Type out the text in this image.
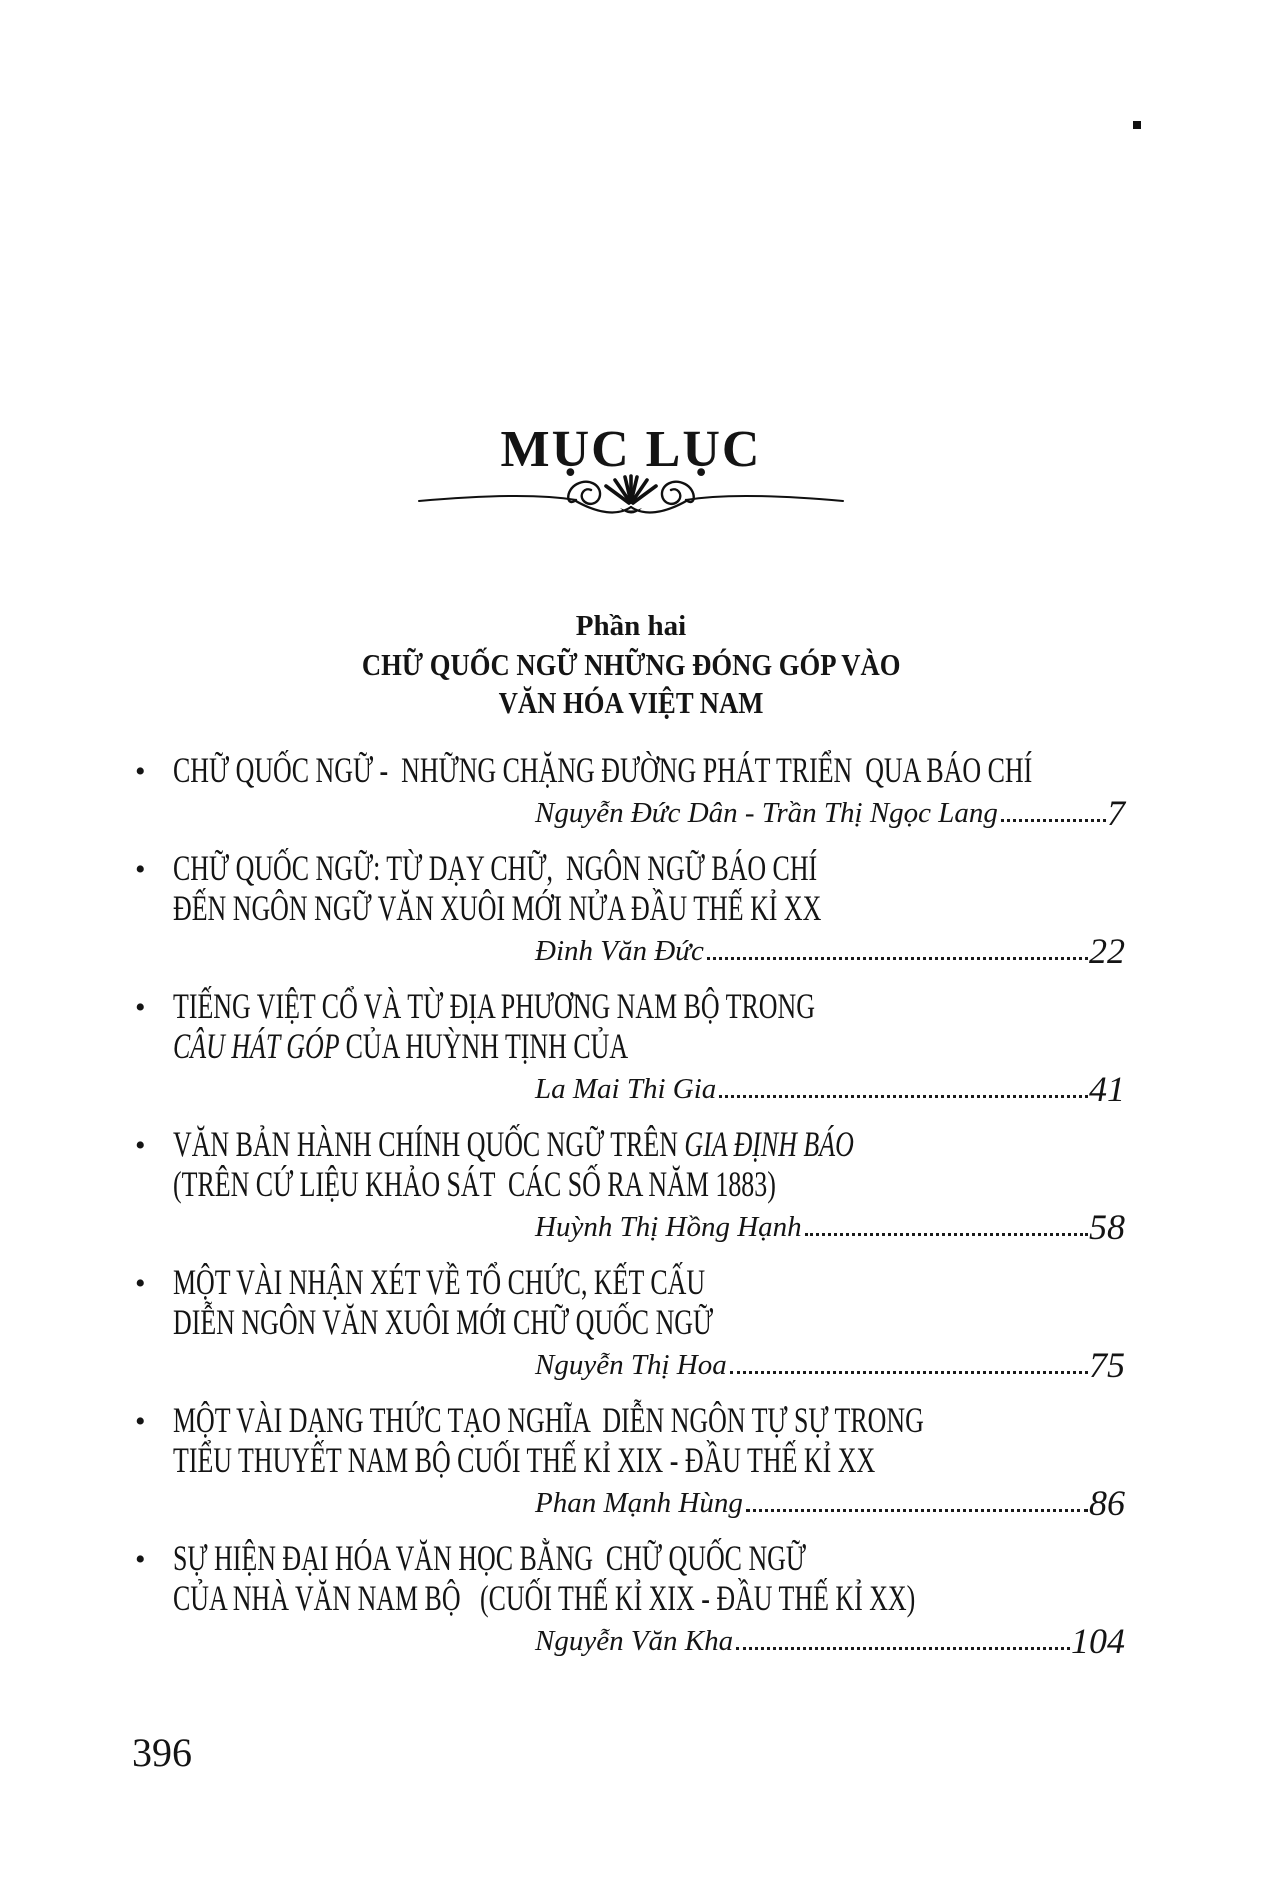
MỤC LỤC
Phần hai
CHỮ QUỐC NGỮ NHỮNG ĐÓNG GÓP VÀO
VĂN HÓA VIỆT NAM
• CHỮ QUỐC NGỮ -  NHỮNG CHẶNG ĐƯỜNG PHÁT TRIỂN  QUA BÁO CHÍ
Nguyễn Đức Dân - Trần Thị Ngọc Lang	7
• CHỮ QUỐC NGỮ: TỪ DẠY CHỮ,  NGÔN NGỮ BÁO CHÍ
ĐẾN NGÔN NGỮ VĂN XUÔI MỚI NỬA ĐẦU THẾ KỈ XX
Đinh Văn Đức	22
• TIẾNG VIỆT CỔ VÀ TỪ ĐỊA PHƯƠNG NAM BỘ TRONG
CÂU HÁT GÓP CỦA HUỲNH TỊNH CỦA
La Mai Thi Gia	41
• VĂN BẢN HÀNH CHÍNH QUỐC NGỮ TRÊN GIA ĐỊNH BÁO
(TRÊN CỨ LIỆU KHẢO SÁT  CÁC SỐ RA NĂM 1883)
Huỳnh Thị Hồng Hạnh	58
• MỘT VÀI NHẬN XÉT VỀ TỔ CHỨC, KẾT CẤU
DIỄN NGÔN VĂN XUÔI MỚI CHỮ QUỐC NGỮ
Nguyễn Thị Hoa	75
• MỘT VÀI DẠNG THỨC TẠO NGHĨA  DIỄN NGÔN TỰ SỰ TRONG
TIỂU THUYẾT NAM BỘ CUỐI THẾ KỈ XIX - ĐẦU THẾ KỈ XX
Phan Mạnh Hùng	86
• SỰ HIỆN ĐẠI HÓA VĂN HỌC BẰNG  CHỮ QUỐC NGỮ
CỦA NHÀ VĂN NAM BỘ   (CUỐI THẾ KỈ XIX - ĐẦU THẾ KỈ XX)
Nguyễn Văn Kha	104
396
